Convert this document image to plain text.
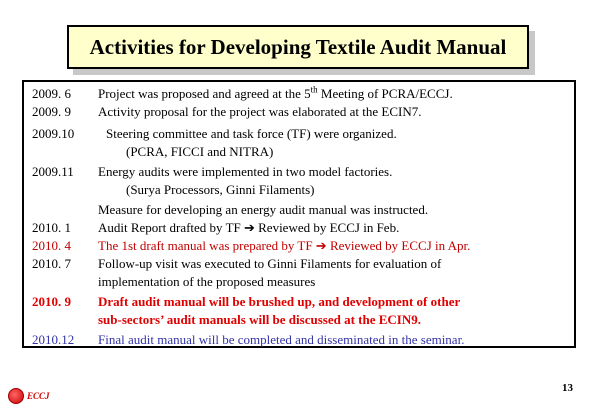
Activities for Developing Textile Audit Manual
2009. 6 Project was proposed and agreed at the 5th Meeting of PCRA/ECCJ.
2009. 9 Activity proposal for the project was elaborated at the ECIN7.
2009.10 Steering committee and task force (TF) were organized.
(PCRA, FICCI and NITRA)
2009.11 Energy audits were implemented in two model factories.
(Surya Processors, Ginni Filaments)
Measure for developing an energy audit manual was instructed.
2010. 1 Audit Report drafted by TF ➔ Reviewed by ECCJ in Feb.
2010. 4 The 1st draft manual was prepared by TF ➔ Reviewed by ECCJ in Apr.
2010. 7 Follow-up visit was executed to Ginni Filaments for evaluation of
implementation of the proposed measures
2010. 9 Draft audit manual will be brushed up, and development of other
sub-sectors’ audit manuals will be discussed at the ECIN9.
2010.12 Final audit manual will be completed and disseminated in the seminar.
13
ECCJ
